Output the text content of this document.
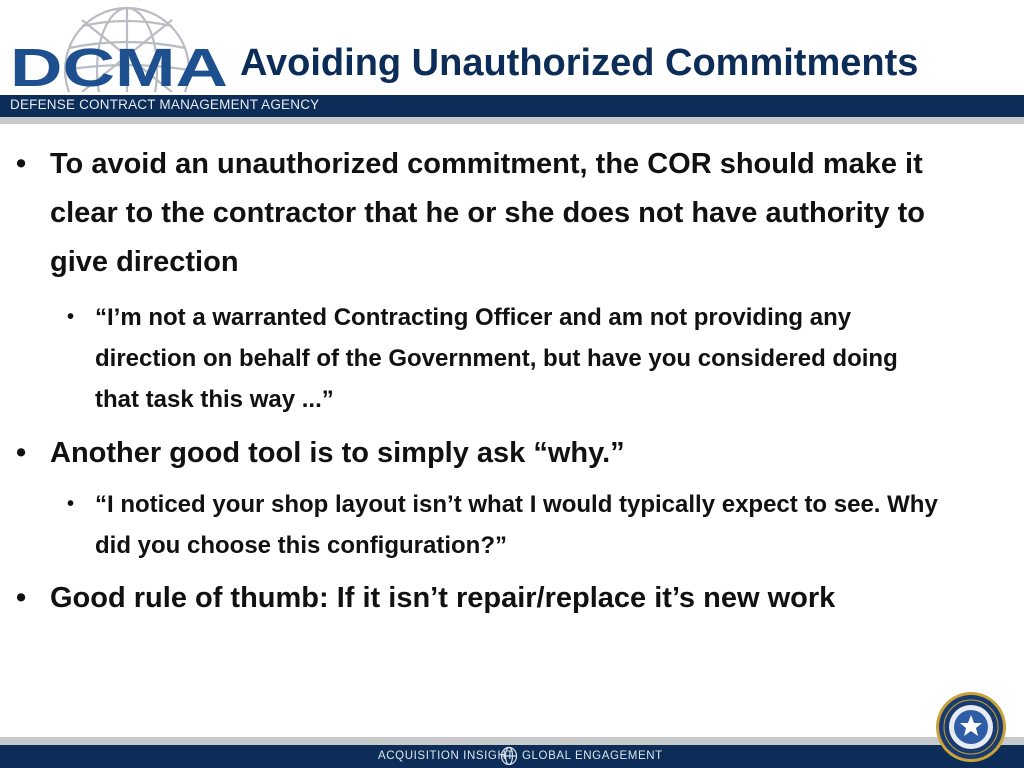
DCMA Avoiding Unauthorized Commitments
DEFENSE CONTRACT MANAGEMENT AGENCY
• To avoid an unauthorized commitment, the COR should make it clear to the contractor that he or she does not have authority to give direction
• “I’m not a warranted Contracting Officer and am not providing any direction on behalf of the Government, but have you considered doing that task this way ...”
• Another good tool is to simply ask “why.”
• “I noticed your shop layout isn’t what I would typically expect to see. Why did you choose this configuration?”
• Good rule of thumb: If it isn’t repair/replace it’s new work
ACQUISITION INSIGHT GLOBAL ENGAGEMENT
